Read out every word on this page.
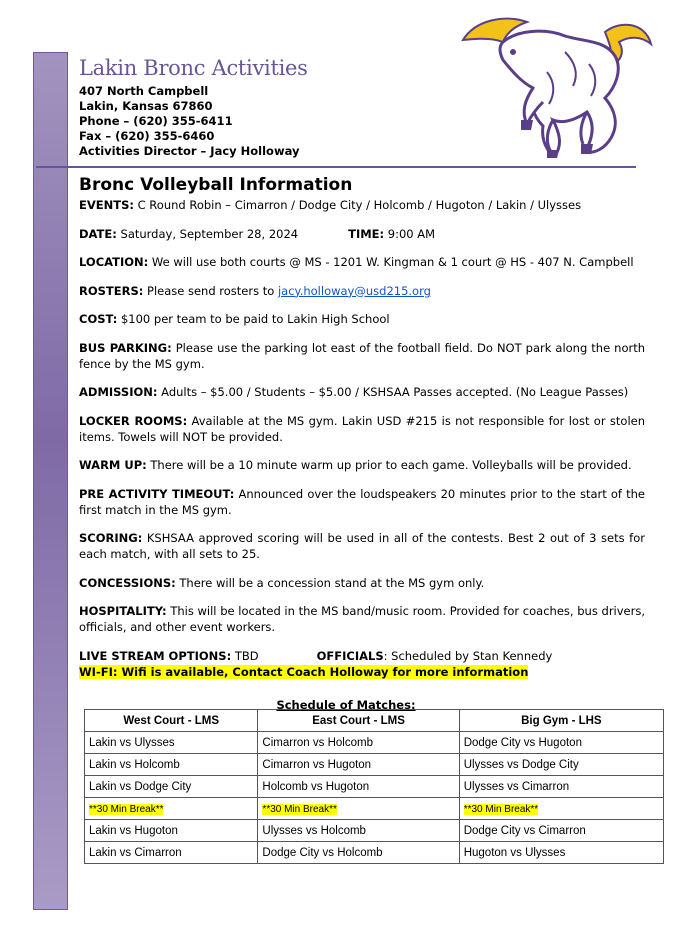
Lakin Bronc Activities
407 North Campbell
Lakin, Kansas 67860
Phone – (620) 355-6411
Fax – (620) 355-6460
Activities Director – Jacy Holloway
Bronc Volleyball Information
EVENTS: C Round Robin – Cimarron / Dodge City / Holcomb / Hugoton / Lakin / Ulysses
DATE: Saturday, September 28, 2024	TIME: 9:00 AM
LOCATION: We will use both courts @ MS - 1201 W. Kingman & 1 court @ HS - 407 N. Campbell
ROSTERS: Please send rosters to jacy.holloway@usd215.org
COST: $100 per team to be paid to Lakin High School
BUS PARKING: Please use the parking lot east of the football field. Do NOT park along the north fence by the MS gym.
ADMISSION: Adults – $5.00 / Students – $5.00 / KSHSAA Passes accepted. (No League Passes)
LOCKER ROOMS: Available at the MS gym. Lakin USD #215 is not responsible for lost or stolen items. Towels will NOT be provided.
WARM UP: There will be a 10 minute warm up prior to each game. Volleyballs will be provided.
PRE ACTIVITY TIMEOUT: Announced over the loudspeakers 20 minutes prior to the start of the first match in the MS gym.
SCORING: KSHSAA approved scoring will be used in all of the contests. Best 2 out of 3 sets for each match, with all sets to 25.
CONCESSIONS: There will be a concession stand at the MS gym only.
HOSPITALITY: This will be located in the MS band/music room. Provided for coaches, bus drivers, officials, and other event workers.
LIVE STREAM OPTIONS: TBD	OFFICIALS: Scheduled by Stan Kennedy
WI-FI: Wifi is available, Contact Coach Holloway for more information
Schedule of Matches:
West Court - LMS	East Court - LMS	Big Gym - LHS
Lakin vs Ulysses	Cimarron vs Holcomb	Dodge City vs Hugoton
Lakin vs Holcomb	Cimarron vs Hugoton	Ulysses vs Dodge City
Lakin vs Dodge City	Holcomb vs Hugoton	Ulysses vs Cimarron
**30 Min Break**	**30 Min Break**	**30 Min Break**
Lakin vs Hugoton	Ulysses vs Holcomb	Dodge City vs Cimarron
Lakin vs Cimarron	Dodge City vs Holcomb	Hugoton vs Ulysses
